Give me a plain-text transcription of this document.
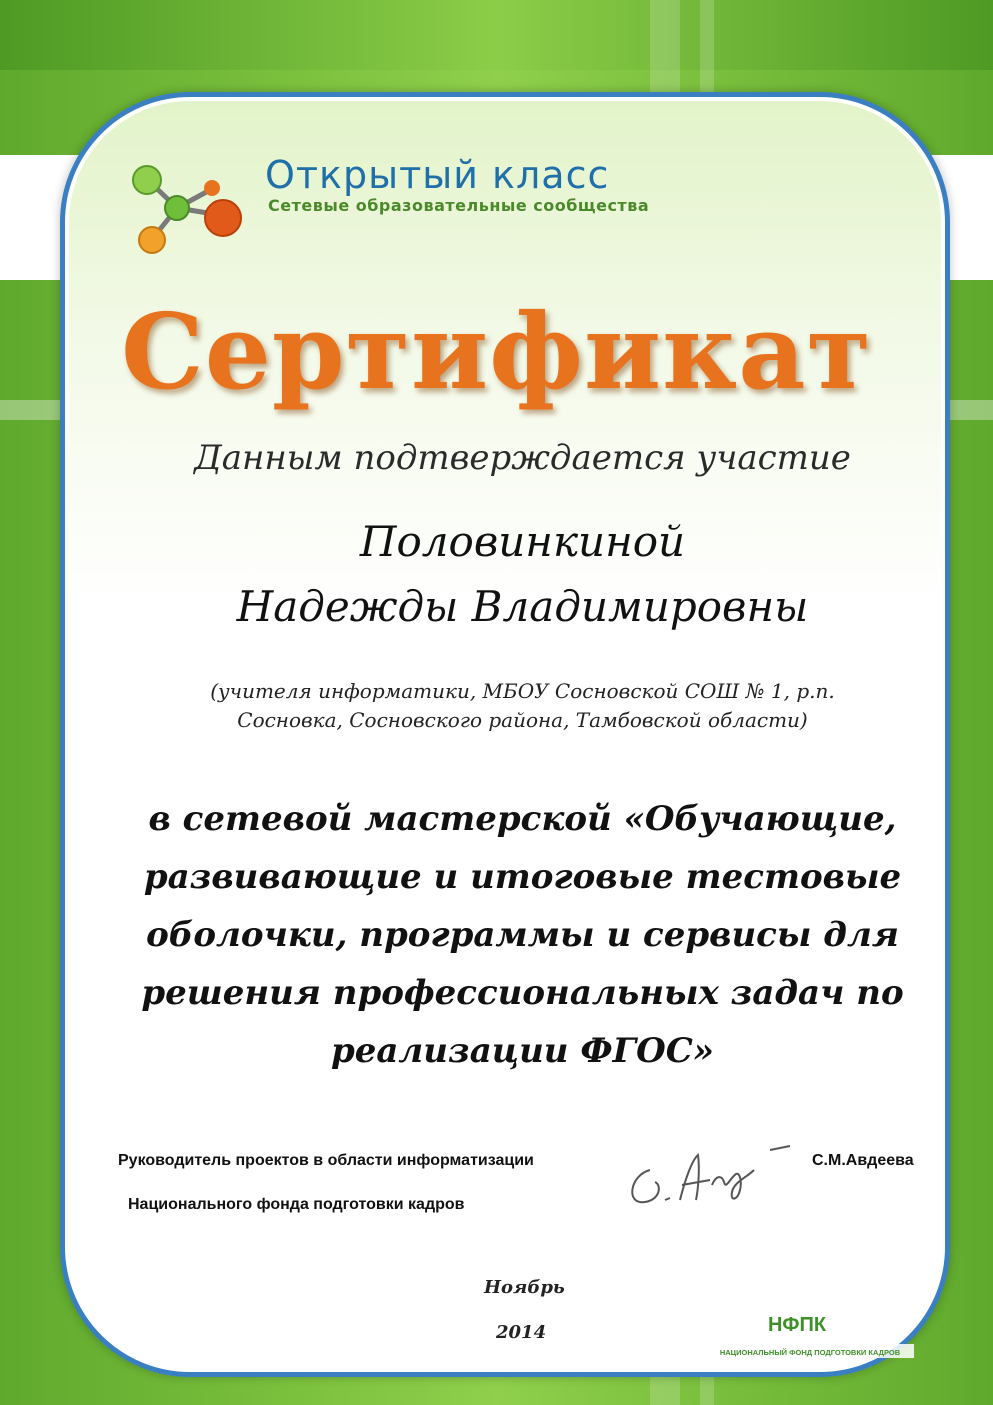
Открытый класс
Сетевые образовательные сообщества
Сертификат
Данным подтверждается участие
Половинкиной
Надежды Владимировны
(учителя информатики, МБОУ Сосновской СОШ № 1, р.п.
Сосновка, Сосновского района, Тамбовской области)
в сетевой мастерской «Обучающие,
развивающие и итоговые тестовые
оболочки, программы и сервисы для
решения профессиональных задач по
реализации ФГОС»
Руководитель проектов в области информатизации
Национального фонда подготовки кадров
С.М.Авдеева
Ноябрь
2014	НФПК
НАЦИОНАЛЬНЫЙ ФОНД ПОДГОТОВКИ КАДРОВ
